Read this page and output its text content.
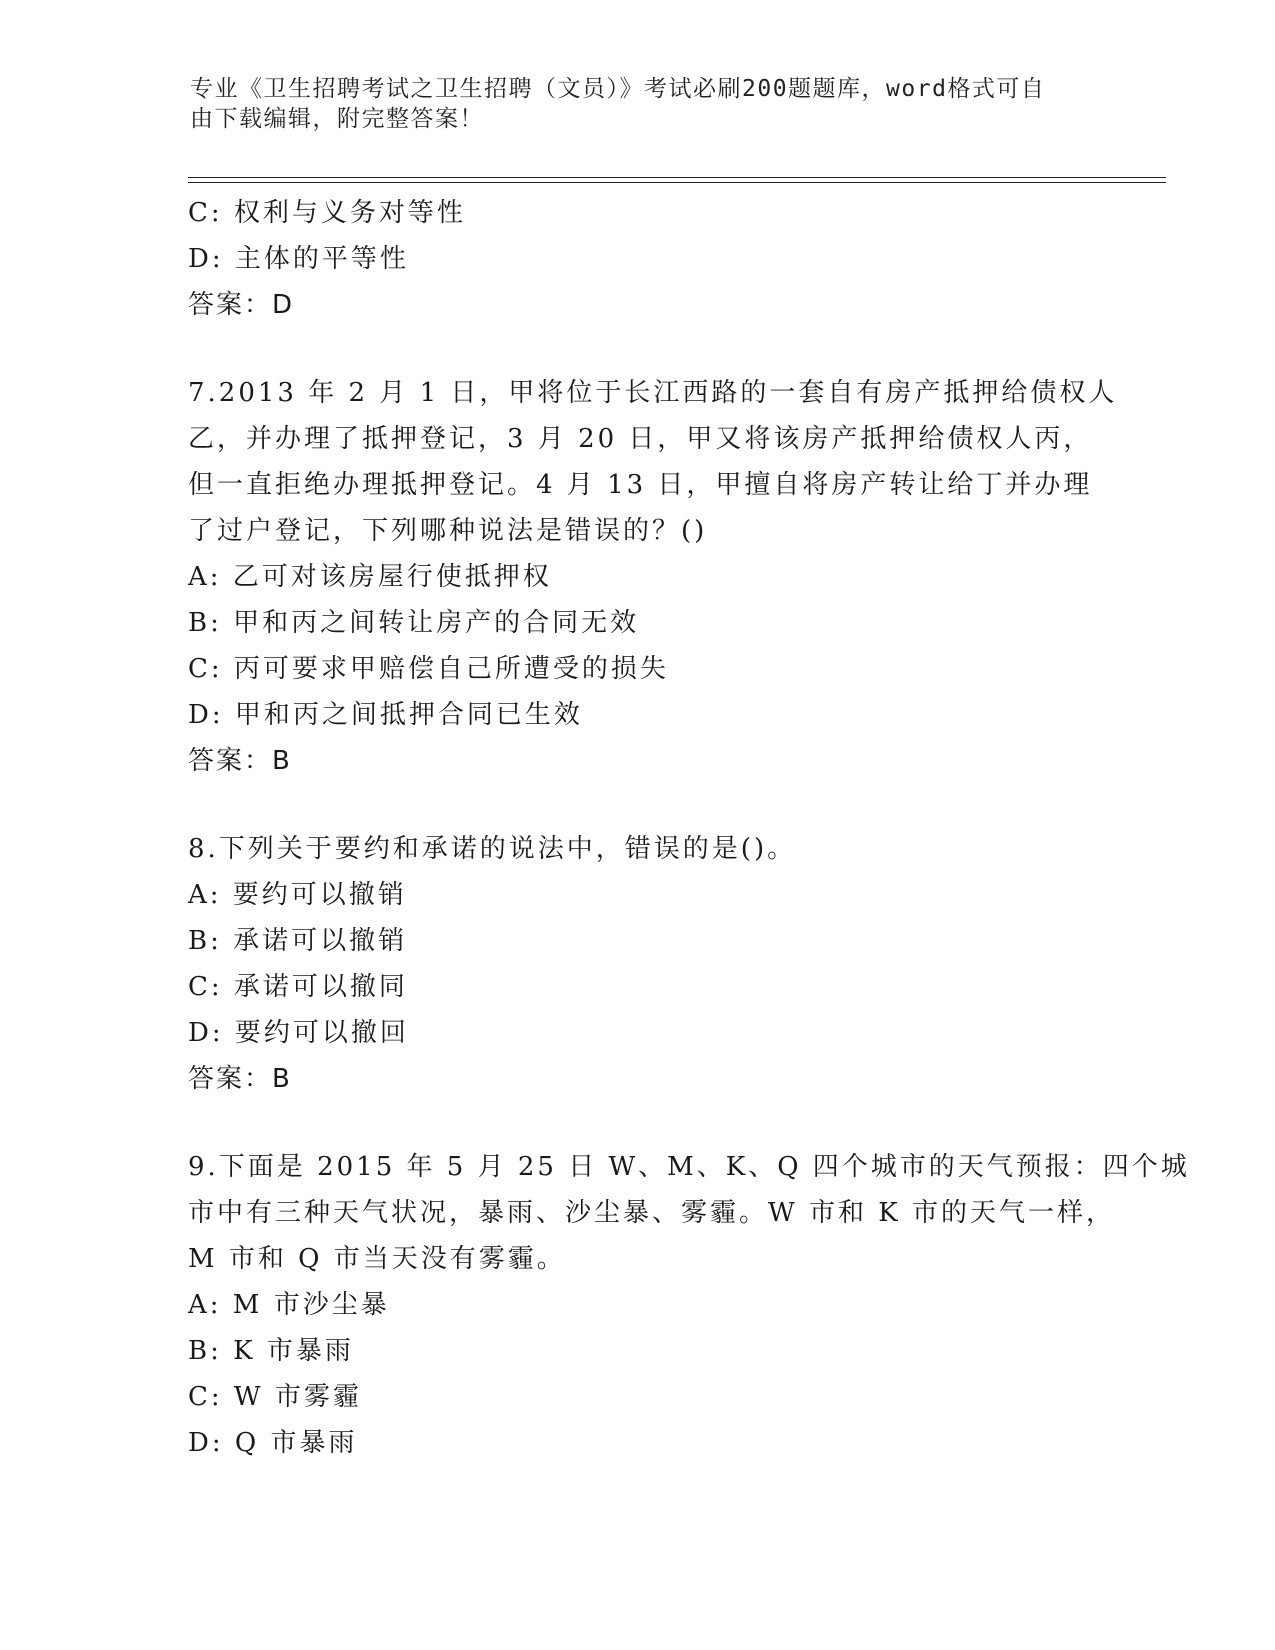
专业《卫生招聘考试之卫生招聘（文员）》考试必刷200题题库，word格式可自
由下载编辑，附完整答案！
C: 权利与义务对等性
D: 主体的平等性
答案：D
7.2013 年 2 月 1 日，甲将位于长江西路的一套自有房产抵押给债权人
乙，并办理了抵押登记，3 月 20 日，甲又将该房产抵押给债权人丙，
但一直拒绝办理抵押登记。4 月 13 日，甲擅自将房产转让给丁并办理
了过户登记，下列哪种说法是错误的？()
A: 乙可对该房屋行使抵押权
B: 甲和丙之间转让房产的合同无效
C: 丙可要求甲赔偿自己所遭受的损失
D: 甲和丙之间抵押合同已生效
答案：B
8.下列关于要约和承诺的说法中，错误的是()。
A: 要约可以撤销
B: 承诺可以撤销
C: 承诺可以撤同
D: 要约可以撤回
答案：B
9.下面是 2015 年 5 月 25 日 W、M、K、Q 四个城市的天气预报：四个城
市中有三种天气状况，暴雨、沙尘暴、雾霾。W 市和 K 市的天气一样，
M 市和 Q 市当天没有雾霾。
A: M 市沙尘暴
B: K 市暴雨
C: W 市雾霾
D: Q 市暴雨
